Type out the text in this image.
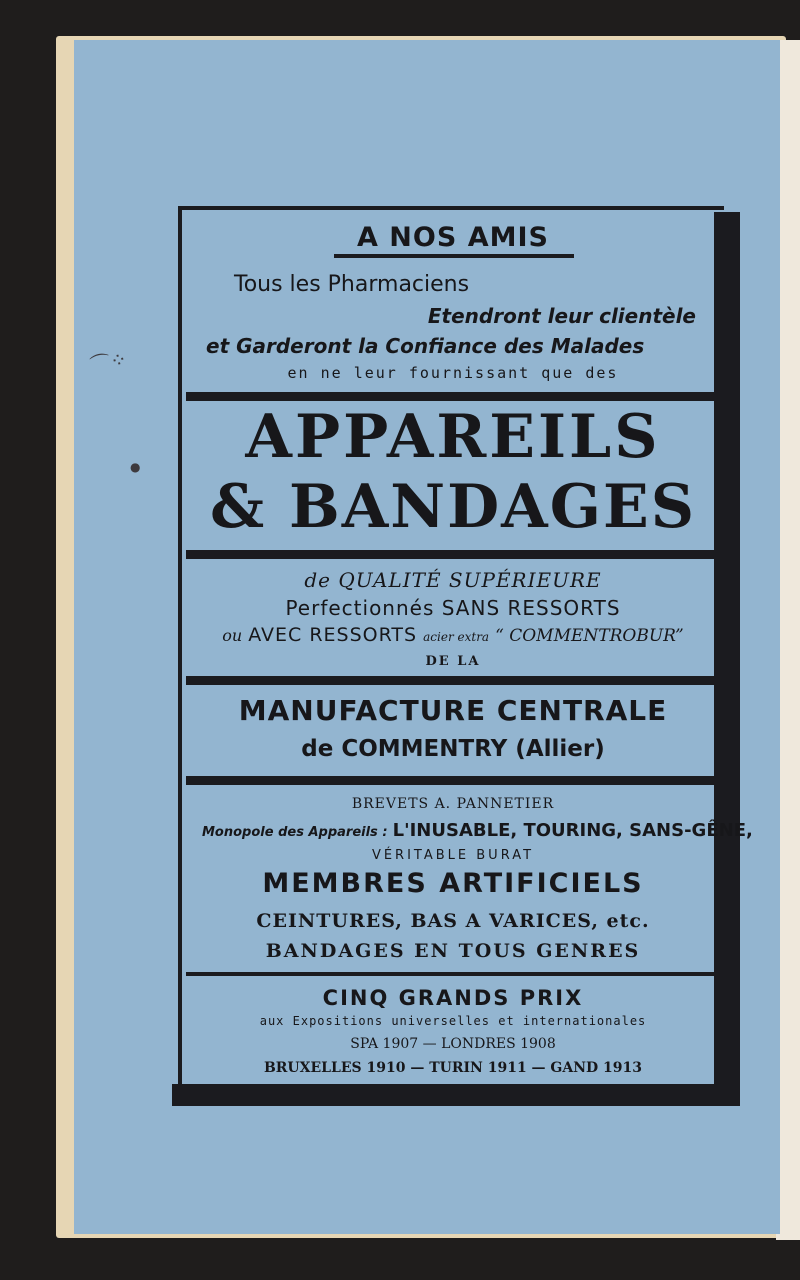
⌒⁘
●
A NOS AMIS
Tous les Pharmaciens
Etendront leur clientèle
et Garderont la Confiance des Malades
en ne leur fournissant que des
APPAREILS
& BANDAGES
de QUALITÉ SUPÉRIEURE
Perfectionnés SANS RESSORTS
ou AVEC RESSORTS acier extra “ COMMENTROBUR”
DE LA
MANUFACTURE CENTRALE
de COMMENTRY (Allier)
BREVETS A. PANNETIER
Monopole des Appareils : L'INUSABLE, TOURING, SANS-GÊNE,
VÉRITABLE BURAT
MEMBRES ARTIFICIELS
CEINTURES, BAS A VARICES, etc.
BANDAGES EN TOUS GENRES
CINQ GRANDS PRIX
aux Expositions universelles et internationales
SPA 1907 — LONDRES 1908
BRUXELLES 1910 — TURIN 1911 — GAND 1913
